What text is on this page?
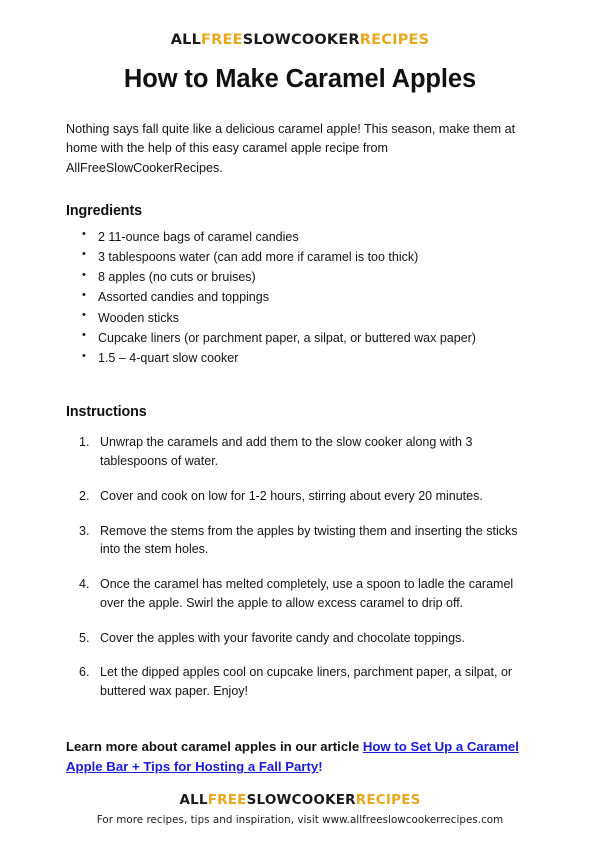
ALLFREESLOWCOOKERRECIPES
How to Make Caramel Apples

Nothing says fall quite like a delicious caramel apple! This season, make them at home with the help of this easy caramel apple recipe from AllFreeSlowCookerRecipes.

Ingredients
• 2 11-ounce bags of caramel candies
• 3 tablespoons water (can add more if caramel is too thick)
• 8 apples (no cuts or bruises)
• Assorted candies and toppings
• Wooden sticks
• Cupcake liners (or parchment paper, a silpat, or buttered wax paper)
• 1.5 – 4-quart slow cooker
Instructions
Unwrap the caramels and add them to the slow cooker along with 3 tablespoons of water.
Cover and cook on low for 1-2 hours, stirring about every 20 minutes.
Remove the stems from the apples by twisting them and inserting the sticks into the stem holes.
Once the caramel has melted completely, use a spoon to ladle the caramel over the apple. Swirl the apple to allow excess caramel to drip off.
Cover the apples with your favorite candy and chocolate toppings.
Let the dipped apples cool on cupcake liners, parchment paper, a silpat, or buttered wax paper. Enjoy!

Learn more about caramel apples in our article How to Set Up a Caramel Apple Bar + Tips for Hosting a Fall Party!

ALLFREESLOWCOOKERRECIPES
For more recipes, tips and inspiration, visit www.allfreeslowcookerrecipes.com
